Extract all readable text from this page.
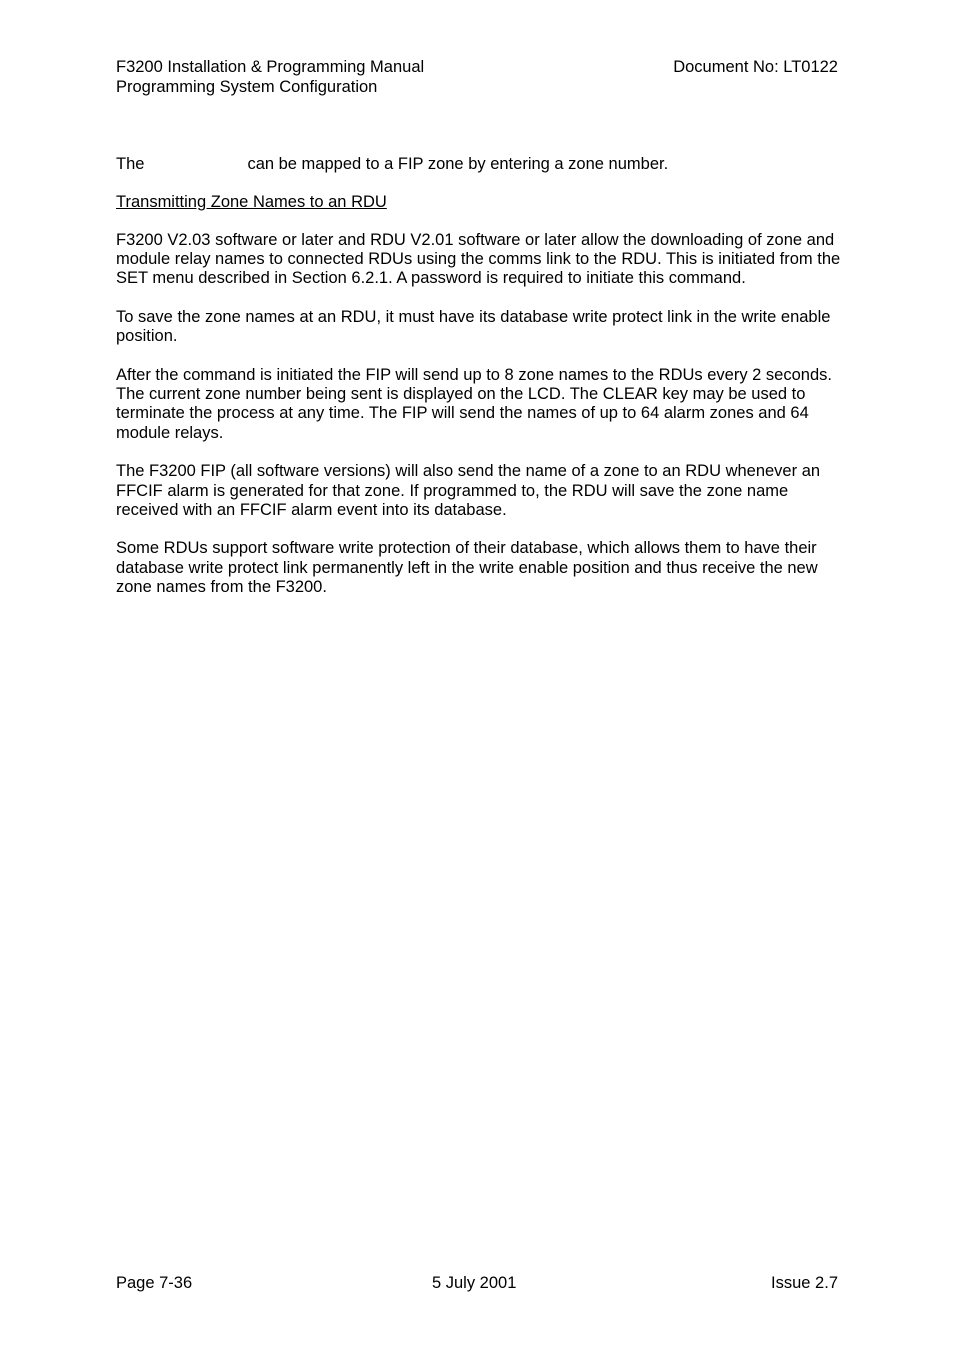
F3200 Installation & Programming Manual	Document No: LT0122
Programming System Configuration
The	can be mapped to a FIP zone by entering a zone number.
Transmitting Zone Names to an RDU

F3200 V2.03 software or later and RDU V2.01 software or later allow the downloading of zone and module relay names to connected RDUs using the comms link to the RDU. This is initiated from the SET menu described in Section 6.2.1. A password is required to initiate this command.

To save the zone names at an RDU, it must have its database write protect link in the write enable position.

After the command is initiated the FIP will send up to 8 zone names to the RDUs every 2 seconds. The current zone number being sent is displayed on the LCD. The CLEAR key may be used to terminate the process at any time. The FIP will send the names of up to 64 alarm zones and 64 module relays.

The F3200 FIP (all software versions) will also send the name of a zone to an RDU whenever an FFCIF alarm is generated for that zone. If programmed to, the RDU will save the zone name received with an FFCIF alarm event into its database.

Some RDUs support software write protection of their database, which allows them to have their database write protect link permanently left in the write enable position and thus receive the new zone names from the F3200.

Page 7-36	5 July 2001	Issue 2.7
